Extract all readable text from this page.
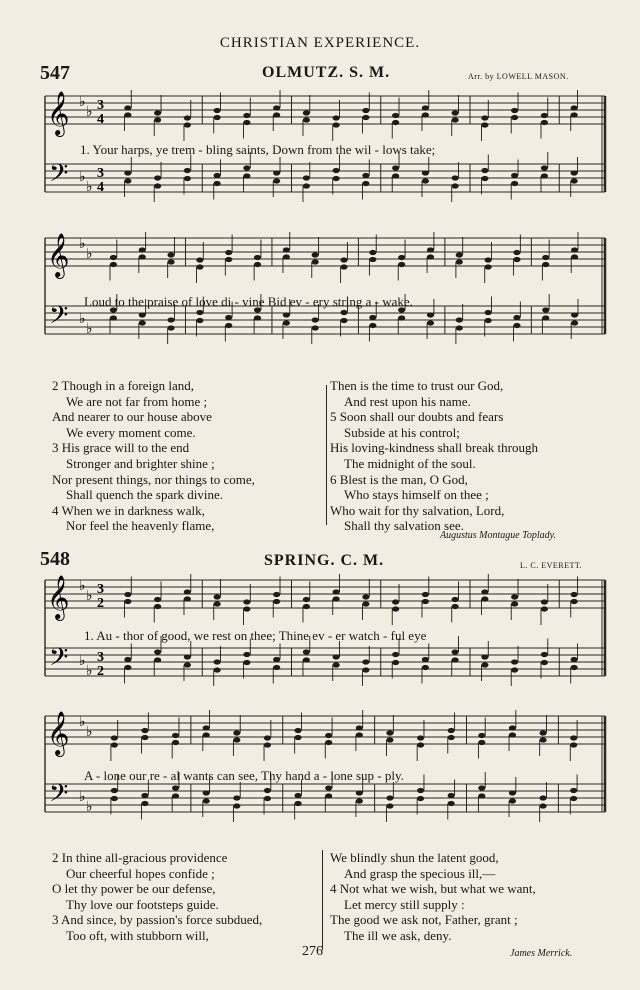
CHRISTIAN EXPERIENCE.
547	OLMUTZ. S. M.	Arr. by LOWELL MASON.
𝄞
𝄢
♭
♭
♭
♭
3
4
3
4
1. Your harps, ye trem - bling saints, Down from the wil - lows take;
𝄞
𝄢
♭
♭
♭
♭
Loud to the praise of love di - vine Bid ev - ery string a - wake.
2 Though in a foreign land,
We are not far from home ;
And nearer to our house above
We every moment come.
3 His grace will to the end
Stronger and brighter shine ;
Nor present things, nor things to come,
Shall quench the spark divine.
4 When we in darkness walk,
Nor feel the heavenly flame,
Then is the time to trust our God,
And rest upon his name.
5 Soon shall our doubts and fears
Subside at his control;
His loving-kindness shall break through
The midnight of the soul.
6 Blest is the man, O God,
Who stays himself on thee ;
Who wait for thy salvation, Lord,
Shall thy salvation see.
Augustus Montague Toplady.
548	SPRING. C. M.	L. C. EVERETT.
𝄞
𝄢
♭
♭
♭
♭
3
2
3
2
1. Au - thor of good, we rest on thee; Thine ev - er watch - ful eye
𝄞
𝄢
♭
♭
♭
♭
A - lone our re - al wants can see, Thy hand a - lone sup - ply.
2 In thine all-gracious providence
Our cheerful hopes confide ;
O let thy power be our defense,
Thy love our footsteps guide.
3 And since, by passion's force subdued,
Too oft, with stubborn will,
We blindly shun the latent good,
And grasp the specious ill,—
4 Not what we wish, but what we want,
Let mercy still supply :
The good we ask not, Father, grant ;
The ill we ask, deny.
276	James Merrick.
